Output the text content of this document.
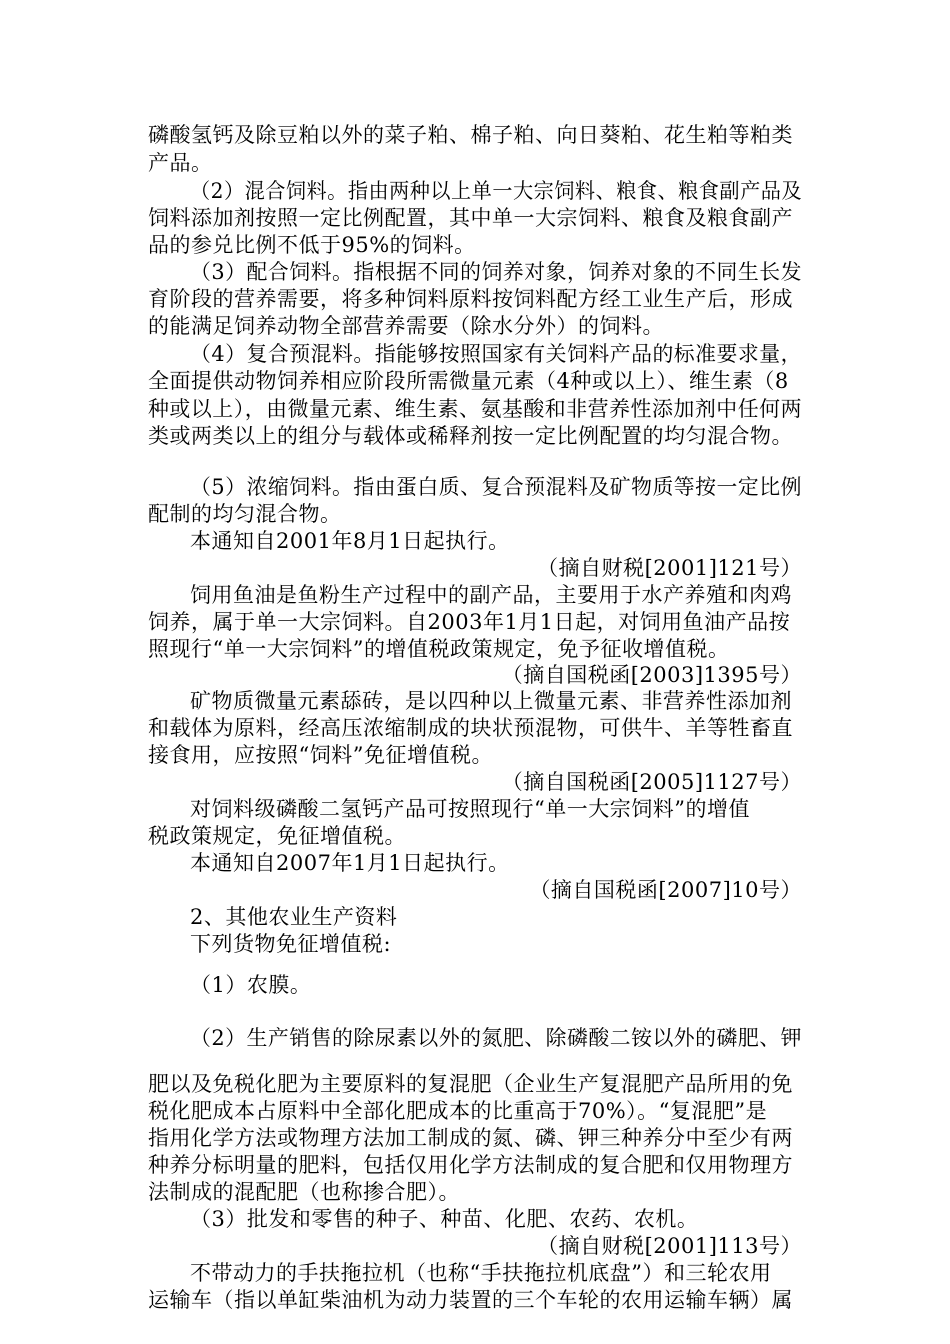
磷酸氢钙及除豆粕以外的菜子粕、棉子粕、向日葵粕、花生粕等粕类
产品。
（2）混合饲料。指由两种以上单一大宗饲料、粮食、粮食副产品及
饲料添加剂按照一定比例配置，其中单一大宗饲料、粮食及粮食副产
品的参兑比例不低于95%的饲料。
（3）配合饲料。指根据不同的饲养对象，饲养对象的不同生长发
育阶段的营养需要，将多种饲料原料按饲料配方经工业生产后，形成
的能满足饲养动物全部营养需要（除水分外）的饲料。
（4）复合预混料。指能够按照国家有关饲料产品的标准要求量，
全面提供动物饲养相应阶段所需微量元素（4种或以上）、维生素（8
种或以上），由微量元素、维生素、氨基酸和非营养性添加剂中任何两
类或两类以上的组分与载体或稀释剂按一定比例配置的均匀混合物。
（5）浓缩饲料。指由蛋白质、复合预混料及矿物质等按一定比例
配制的均匀混合物。
本通知自2001年8月1日起执行。
（摘自财税[2001]121号）
饲用鱼油是鱼粉生产过程中的副产品，主要用于水产养殖和肉鸡
饲养，属于单一大宗饲料。自2003年1月1日起，对饲用鱼油产品按
照现行“单一大宗饲料”的增值税政策规定，免予征收增值税。
（摘自国税函[2003]1395号）
矿物质微量元素舔砖，是以四种以上微量元素、非营养性添加剂
和载体为原料，经高压浓缩制成的块状预混物，可供牛、羊等牲畜直
接食用，应按照“饲料”免征增值税。
（摘自国税函[2005]1127号）
对饲料级磷酸二氢钙产品可按照现行“单一大宗饲料”的增值
税政策规定，免征增值税。
本通知自2007年1月1日起执行。
（摘自国税函[2007]10号）
2、其他农业生产资料
下列货物免征增值税:
（1）农膜。
（2）生产销售的除尿素以外的氮肥、除磷酸二铵以外的磷肥、钾
肥以及免税化肥为主要原料的复混肥（企业生产复混肥产品所用的免
税化肥成本占原料中全部化肥成本的比重高于70%）。“复混肥”是
指用化学方法或物理方法加工制成的氮、磷、钾三种养分中至少有两
种养分标明量的肥料，包括仅用化学方法制成的复合肥和仅用物理方
法制成的混配肥（也称掺合肥）。
（3）批发和零售的种子、种苗、化肥、农药、农机。
（摘自财税[2001]113号）
不带动力的手扶拖拉机（也称“手扶拖拉机底盘”）和三轮农用
运输车（指以单缸柴油机为动力装置的三个车轮的农用运输车辆）属
